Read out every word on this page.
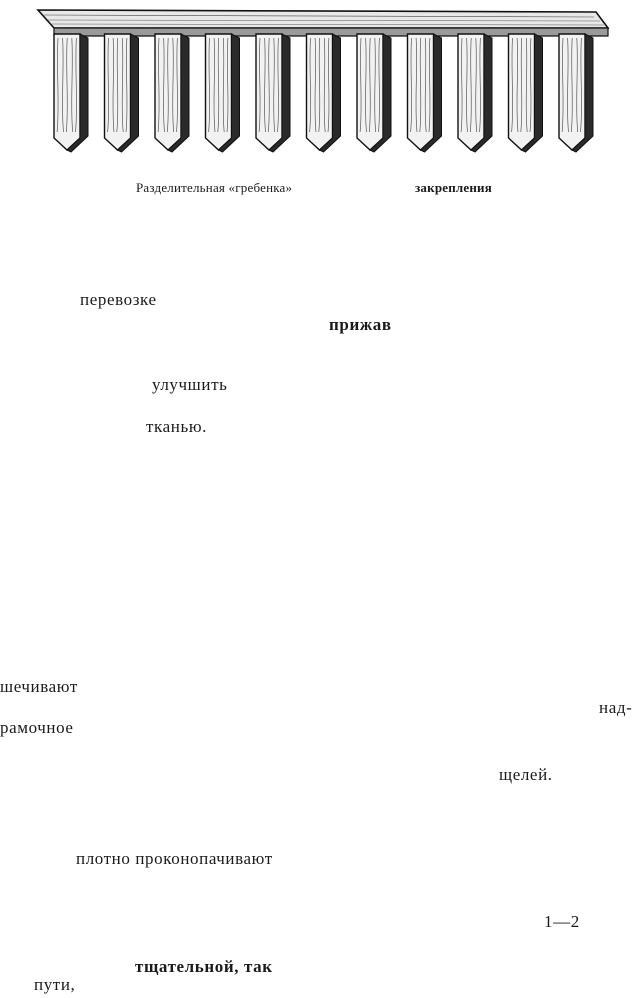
Разделительная «гребенка»	закрепления
перевозке
прижав
улучшить
тканью.
шечивают
над-
рамочное
щелей.
плотно проконопачивают
1—2
тщательной, так
пути,
